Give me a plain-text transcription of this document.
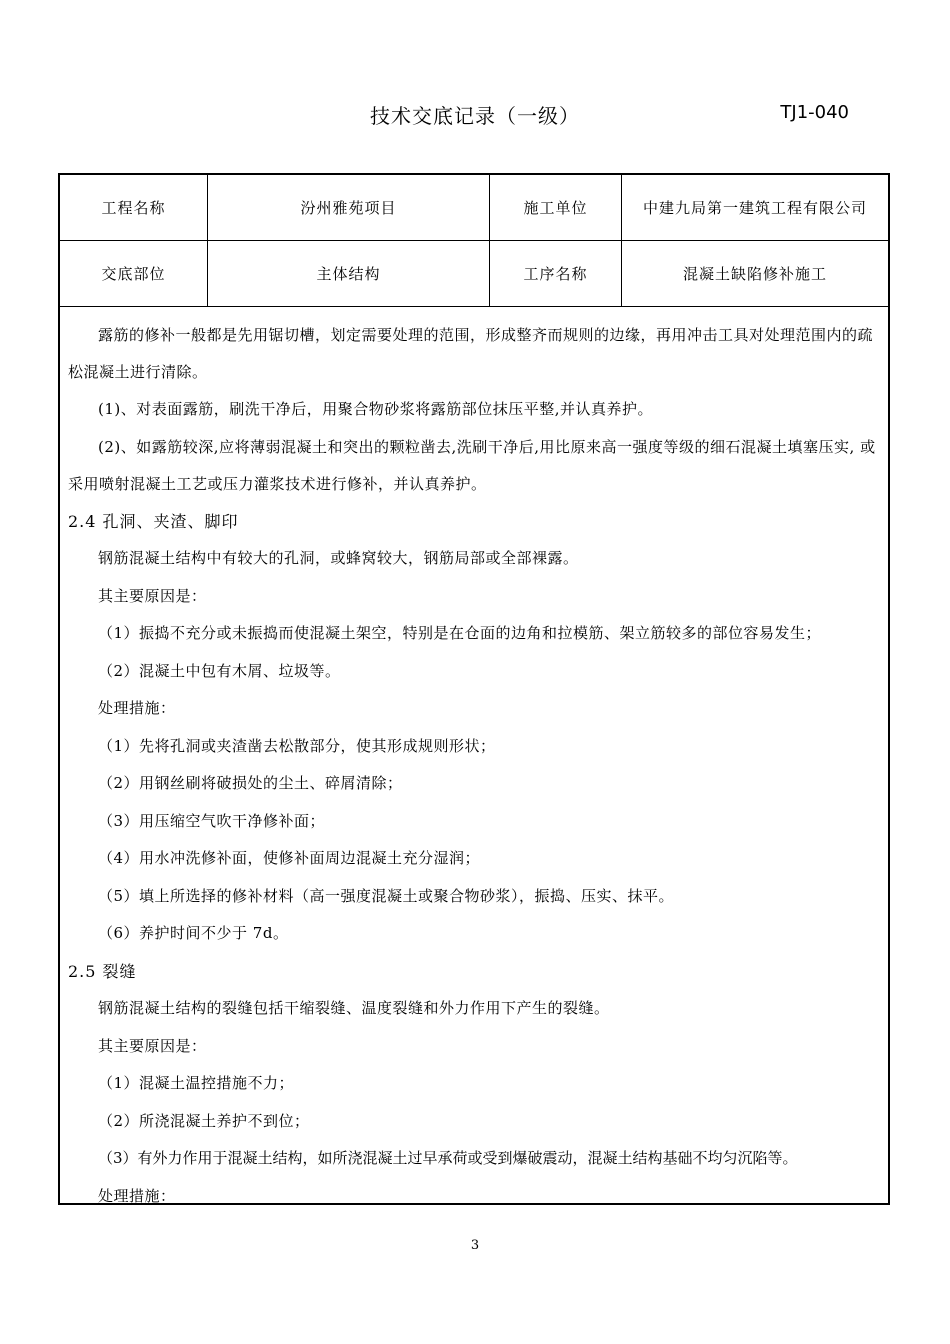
技术交底记录（一级）	TJ1-040
工程名称	汾州雅苑项目	施工单位	中建九局第一建筑工程有限公司
交底部位	主体结构	工序名称	混凝土缺陷修补施工

露筋的修补一般都是先用锯切槽，划定需要处理的范围，形成整齐而规则的边缘，再用冲击工具对处理范围内的疏松混凝土进行清除。

(1)、对表面露筋，刷洗干净后，用聚合物砂浆将露筋部位抹压平整,并认真养护。

(2)、如露筋较深,应将薄弱混凝土和突出的颗粒凿去,洗刷干净后,用比原来高一强度等级的细石混凝土填塞压实, 或采用喷射混凝土工艺或压力灌浆技术进行修补，并认真养护。

2.4 孔洞、夹渣、脚印

钢筋混凝土结构中有较大的孔洞，或蜂窝较大，钢筋局部或全部裸露。

其主要原因是：

（1）振捣不充分或未振捣而使混凝土架空，特别是在仓面的边角和拉模筋、架立筋较多的部位容易发生；

（2）混凝土中包有木屑、垃圾等。

处理措施：

（1）先将孔洞或夹渣凿去松散部分，使其形成规则形状；

（2）用钢丝刷将破损处的尘土、碎屑清除；

（3）用压缩空气吹干净修补面；

（4）用水冲洗修补面，使修补面周边混凝土充分湿润；

（5）填上所选择的修补材料（高一强度混凝土或聚合物砂浆），振捣、压实、抹平。

（6）养护时间不少于 7d。

2.5 裂缝

钢筋混凝土结构的裂缝包括干缩裂缝、温度裂缝和外力作用下产生的裂缝。

其主要原因是：

（1）混凝土温控措施不力；

（2）所浇混凝土养护不到位；

（3）有外力作用于混凝土结构，如所浇混凝土过早承荷或受到爆破震动，混凝土结构基础不均匀沉陷等。

处理措施：

3
